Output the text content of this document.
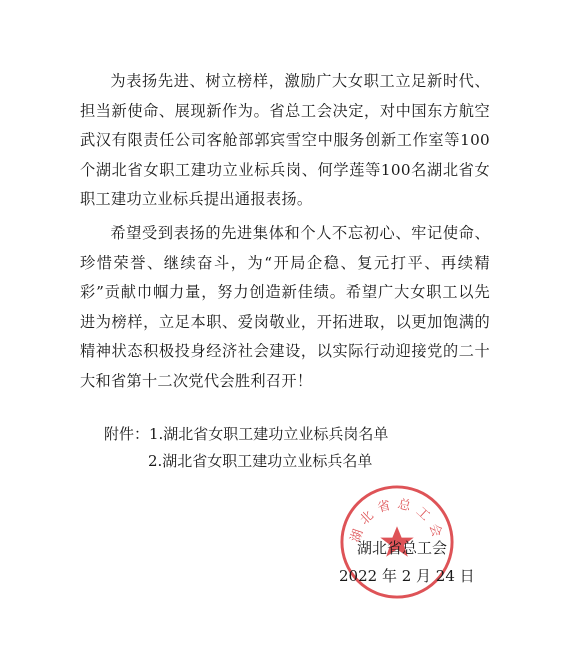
为表扬先进、树立榜样，激励广大女职工立足新时代、担当新使命、展现新作为。省总工会决定，对中国东方航空武汉有限责任公司客舱部郭宾雪空中服务创新工作室等100个湖北省女职工建功立业标兵岗、何学莲等100名湖北省女职工建功立业标兵提出通报表扬。

希望受到表扬的先进集体和个人不忘初心、牢记使命、珍惜荣誉、继续奋斗，为“开局企稳、复元打平、再续精彩”贡献巾帼力量，努力创造新佳绩。希望广大女职工以先进为榜样，立足本职、爱岗敬业，开拓进取，以更加饱满的精神状态积极投身经济社会建设，以实际行动迎接党的二十大和省第十二次党代会胜利召开！

附件：1.湖北省女职工建功立业标兵岗名单

2.湖北省女职工建功立业标兵名单

湖北省总工会

湖北省总工会

2022 年 2 月 24 日
